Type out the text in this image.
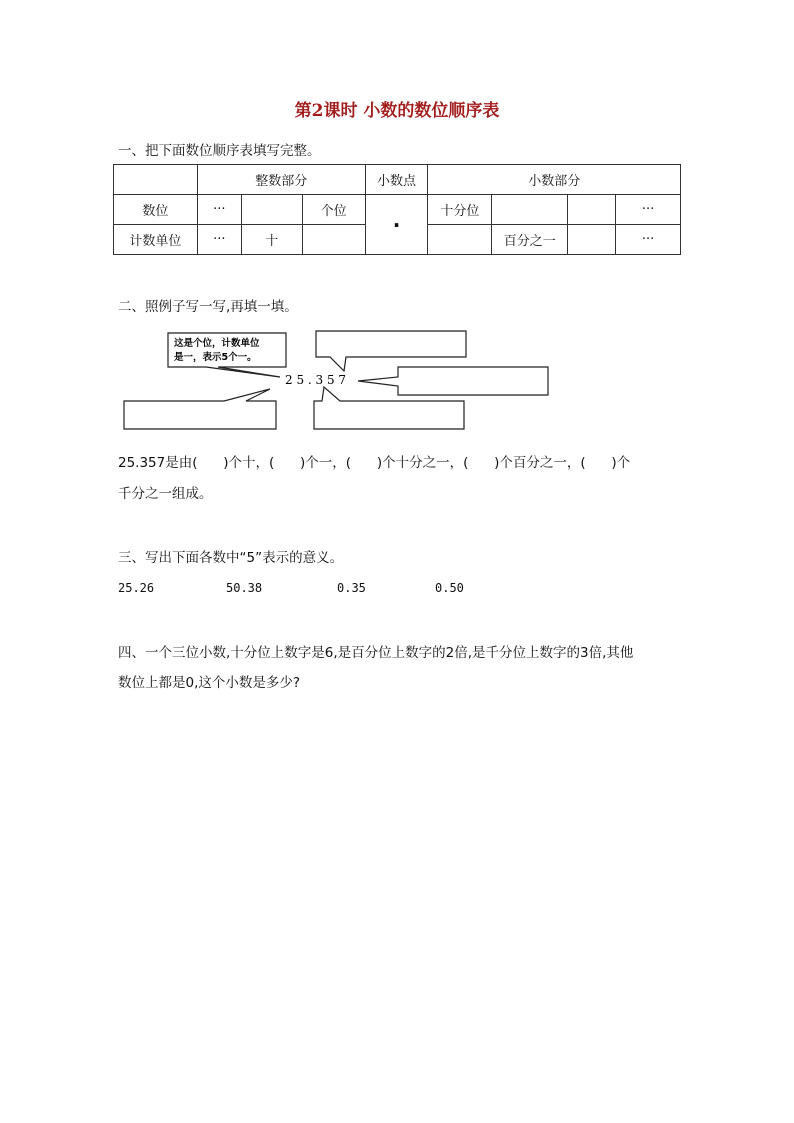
第2课时 小数的数位顺序表
一、把下面数位顺序表填写完整。
	整数部分			小数点	小数部分			
数位	···		个位	·	十分位			···
计数单位	···	十				百分之一		···
二、照例子写一写,再填一填。
这是个位，计数单位
是一，表示5个一。
2 5 . 3 5 7
25.357是由(      )个十，(      )个一，(      )个十分之一，(      )个百分之一，(      )个
千分之一组成。
三、写出下面各数中“5”表示的意义。
25.26	50.38	0.35	0.50
四、一个三位小数,十分位上数字是6,是百分位上数字的2倍,是千分位上数字的3倍,其他
数位上都是0,这个小数是多少?
